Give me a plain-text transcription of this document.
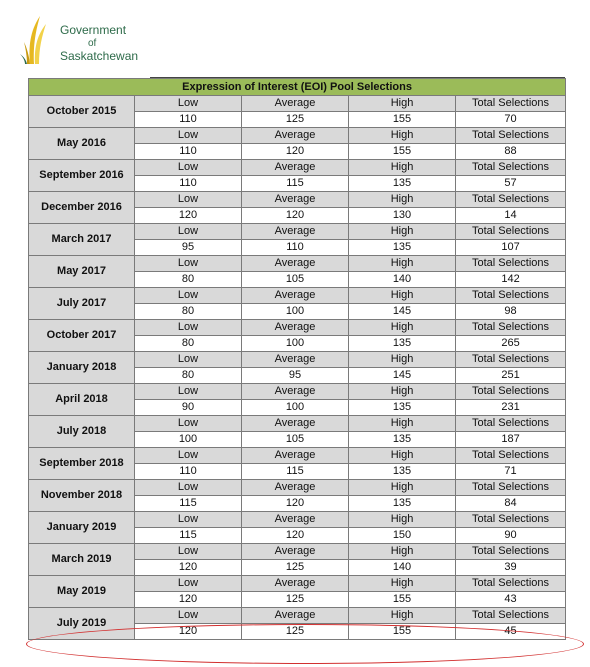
Government
of
Saskatchewan
Expression of Interest (EOI) Pool Selections				
October 2015	Low	Average	High	Total Selections
	110	125	155	70
May 2016	Low	Average	High	Total Selections
	110	120	155	88
September 2016	Low	Average	High	Total Selections
	110	115	135	57
December 2016	Low	Average	High	Total Selections
	120	120	130	14
March 2017	Low	Average	High	Total Selections
	95	110	135	107
May 2017	Low	Average	High	Total Selections
	80	105	140	142
July 2017	Low	Average	High	Total Selections
	80	100	145	98
October 2017	Low	Average	High	Total Selections
	80	100	135	265
January 2018	Low	Average	High	Total Selections
	80	95	145	251
April 2018	Low	Average	High	Total Selections
	90	100	135	231
July 2018	Low	Average	High	Total Selections
	100	105	135	187
September 2018	Low	Average	High	Total Selections
	110	115	135	71
November 2018	Low	Average	High	Total Selections
	115	120	135	84
January 2019	Low	Average	High	Total Selections
	115	120	150	90
March 2019	Low	Average	High	Total Selections
	120	125	140	39
May 2019	Low	Average	High	Total Selections
	120	125	155	43
July 2019	Low	Average	High	Total Selections
	120	125	155	45
